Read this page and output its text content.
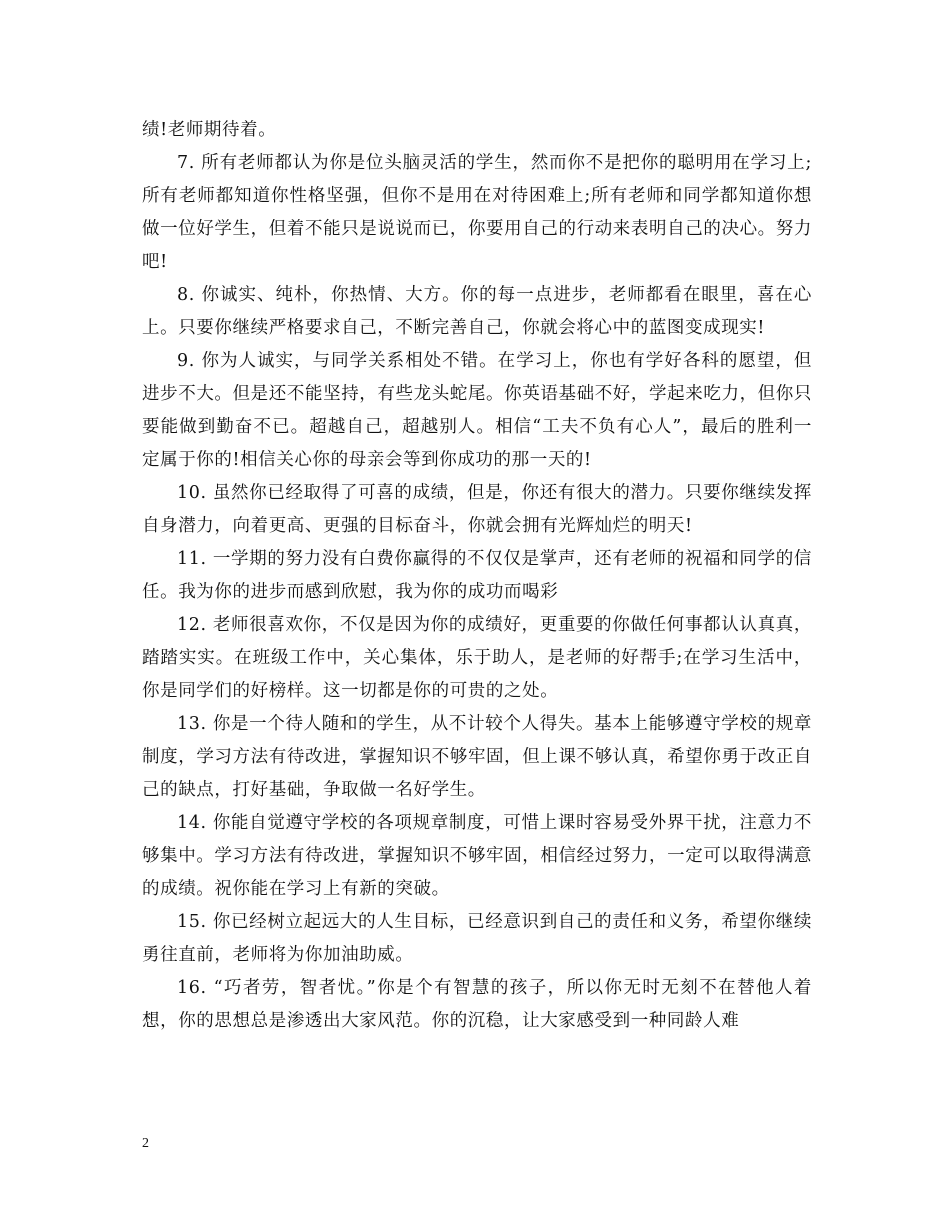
绩!老师期待着。

7. 所有老师都认为你是位头脑灵活的学生，然而你不是把你的聪明用在学习上;所有老师都知道你性格坚强，但你不是用在对待困难上;所有老师和同学都知道你想做一位好学生，但着不能只是说说而已，你要用自己的行动来表明自己的决心。努力吧!

8. 你诚实、纯朴，你热情、大方。你的每一点进步，老师都看在眼里，喜在心上。只要你继续严格要求自己，不断完善自己，你就会将心中的蓝图变成现实!

9. 你为人诚实，与同学关系相处不错。在学习上，你也有学好各科的愿望，但进步不大。但是还不能坚持，有些龙头蛇尾。你英语基础不好，学起来吃力，但你只要能做到勤奋不已。超越自己，超越别人。相信“工夫不负有心人”，最后的胜利一定属于你的!相信关心你的母亲会等到你成功的那一天的!

10. 虽然你已经取得了可喜的成绩，但是，你还有很大的潜力。只要你继续发挥自身潜力，向着更高、更强的目标奋斗，你就会拥有光辉灿烂的明天!

11. 一学期的努力没有白费你赢得的不仅仅是掌声，还有老师的祝福和同学的信任。我为你的进步而感到欣慰，我为你的成功而喝彩

12. 老师很喜欢你，不仅是因为你的成绩好，更重要的你做任何事都认认真真，踏踏实实。在班级工作中，关心集体，乐于助人，是老师的好帮手;在学习生活中，你是同学们的好榜样。这一切都是你的可贵的之处。

13. 你是一个待人随和的学生，从不计较个人得失。基本上能够遵守学校的规章制度，学习方法有待改进，掌握知识不够牢固，但上课不够认真，希望你勇于改正自己的缺点，打好基础，争取做一名好学生。

14. 你能自觉遵守学校的各项规章制度，可惜上课时容易受外界干扰，注意力不够集中。学习方法有待改进，掌握知识不够牢固，相信经过努力，一定可以取得满意的成绩。祝你能在学习上有新的突破。

15. 你已经树立起远大的人生目标，已经意识到自己的责任和义务，希望你继续勇往直前，老师将为你加油助威。

16. “巧者劳，智者忧。”你是个有智慧的孩子，所以你无时无刻不在替他人着想，你的思想总是渗透出大家风范。你的沉稳，让大家感受到一种同龄人难

2
